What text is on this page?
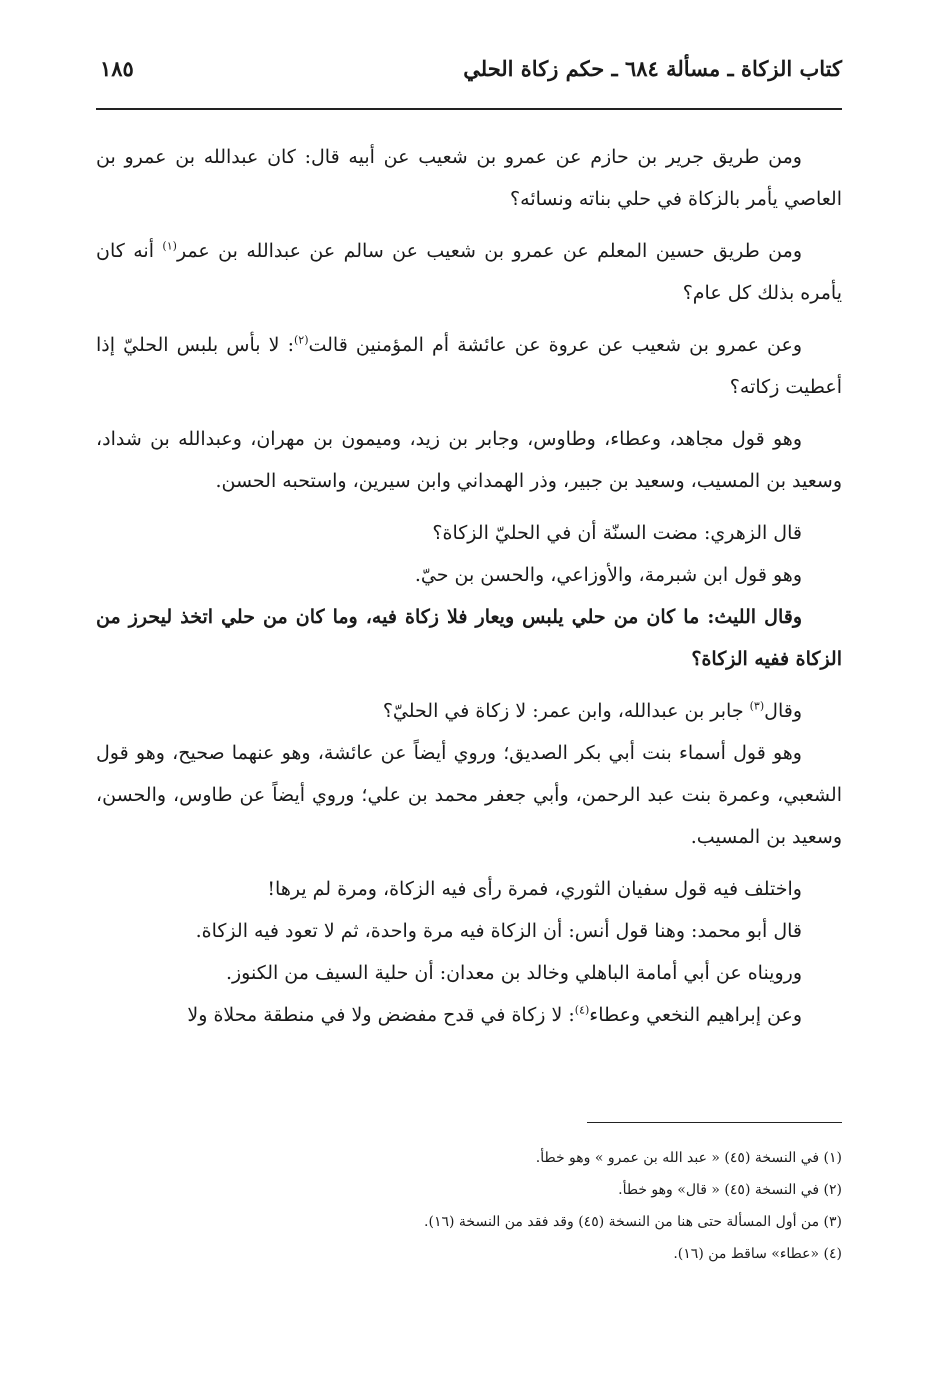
كتاب الزكاة ـ مسألة ٦٨٤ ـ حكم زكاة الحلي
١٨٥

ومن طريق جرير بن حازم عن عمرو بن شعيب عن أبيه قال: كان عبدالله بن عمرو بن العاصي يأمر بالزكاة في حلي بناته ونسائه؟

ومن طريق حسين المعلم عن عمرو بن شعيب عن سالم عن عبدالله بن عمر$^{(١)}$ أنه كان يأمره بذلك كل عام؟

وعن عمرو بن شعيب عن عروة عن عائشة أم المؤمنين قالت$^{(٢)}$: لا بأس بلبس الحليّ إذا أعطيت زكاته؟

وهو قول مجاهد، وعطاء، وطاوس، وجابر بن زيد، وميمون بن مهران، وعبدالله بن شداد، وسعيد بن المسيب، وسعيد بن جبير، وذر الهمداني وابن سيرين، واستحبه الحسن.

قال الزهري: مضت السنّة أن في الحليّ الزكاة؟

وهو قول ابن شبرمة، والأوزاعي، والحسن بن حيّ.

وقال الليث: ما كان من حلي يلبس ويعار فلا زكاة فيه، وما كان من حلي اتخذ ليحرز من الزكاة ففيه الزكاة؟

وقال$^{(٣)}$ جابر بن عبدالله، وابن عمر: لا زكاة في الحليّ؟

وهو قول أسماء بنت أبي بكر الصديق؛ وروي أيضاً عن عائشة، وهو عنهما صحيح، وهو قول الشعبي، وعمرة بنت عبد الرحمن، وأبي جعفر محمد بن علي؛ وروي أيضاً عن طاوس، والحسن، وسعيد بن المسيب.

واختلف فيه قول سفيان الثوري، فمرة رأى فيه الزكاة، ومرة لم يرها!

قال أبو محمد: وهنا قول أنس: أن الزكاة فيه مرة واحدة، ثم لا تعود فيه الزكاة.

ورويناه عن أبي أمامة الباهلي وخالد بن معدان: أن حلية السيف من الكنوز.

وعن إبراهيم النخعي وعطاء$^{(٤)}$: لا زكاة في قدح مفضض ولا في منطقة محلاة ولا

(١) في النسخة (٤٥) « عبد الله بن عمرو » وهو خطأ.

(٢) في النسخة (٤٥) « قال» وهو خطأ.

(٣) من أول المسألة حتى هنا من النسخة (٤٥) وقد فقد من النسخة (١٦).

(٤) «عطاء» ساقط من (١٦).
